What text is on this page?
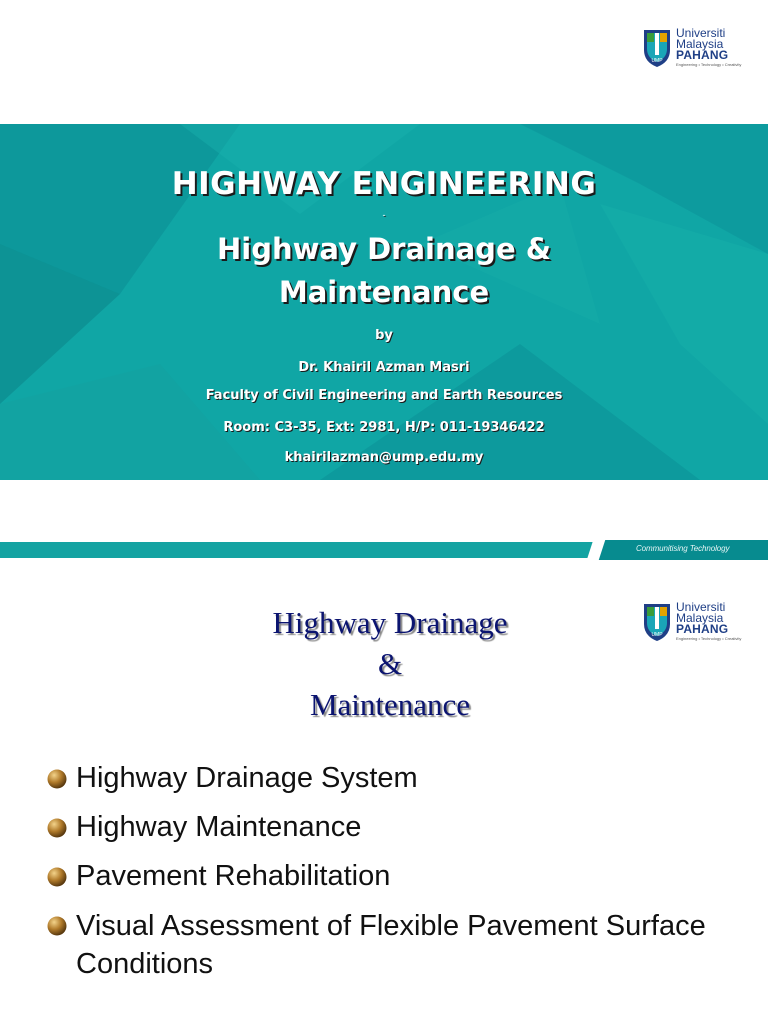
UMP
Universiti
Malaysia
PAHANG
Engineering • Technology • Creativity
HIGHWAY ENGINEERING
-
Highway Drainage &
Maintenance
by
Dr. Khairil Azman Masri
Faculty of Civil Engineering and Earth Resources
Room: C3-35, Ext: 2981, H/P: 011-19346422
khairilazman@ump.edu.my
Communitising Technology
UMP
Universiti
Malaysia
PAHANG
Engineering • Technology • Creativity
Highway Drainage
&
Maintenance
Highway Drainage System
Highway Maintenance
Pavement Rehabilitation
Visual Assessment of Flexible Pavement Surface Conditions
